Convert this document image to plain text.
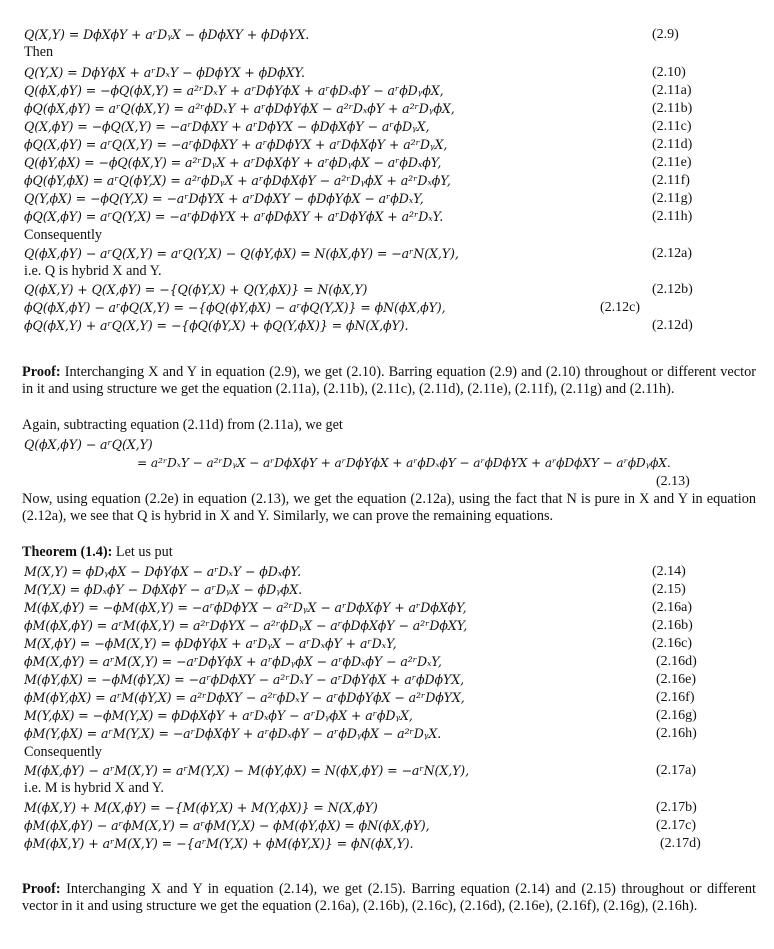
Q(X,Y) = DϕXϕY + aʳDᵧX − ϕDϕXY + ϕDϕYX.	(2.9)
Then
Q(Y,X) = DϕYϕX + aʳDₓY − ϕDϕYX + ϕDϕXY.	(2.10)
Q(ϕX,ϕY) = −ϕQ(ϕX,Y) = a²ʳDₓY + aʳDϕYϕX + aʳϕDₓϕY − aʳϕDᵧϕX,	(2.11a)
ϕQ(ϕX,ϕY) = aʳQ(ϕX,Y) = a²ʳϕDₓY + aʳϕDϕYϕX − a²ʳDₓϕY + a²ʳDᵧϕX,	(2.11b)
Q(X,ϕY) = −ϕQ(X,Y) = −aʳDϕXY + aʳDϕYX − ϕDϕXϕY − aʳϕDᵧX,	(2.11c)
ϕQ(X,ϕY) = aʳQ(X,Y) = −aʳϕDϕXY + aʳϕDϕYX + aʳDϕXϕY + a²ʳDᵧX,	(2.11d)
Q(ϕY,ϕX) = −ϕQ(ϕX,Y) = a²ʳDᵧX + aʳDϕXϕY + aʳϕDᵧϕX − aʳϕDₓϕY,	(2.11e)
ϕQ(ϕY,ϕX) = aʳQ(ϕY,X) = a²ʳϕDᵧX + aʳϕDϕXϕY − a²ʳDᵧϕX + a²ʳDₓϕY,	(2.11f)
Q(Y,ϕX) = −ϕQ(Y,X) = −aʳDϕYX + aʳDϕXY − ϕDϕYϕX − aʳϕDₓY,	(2.11g)
ϕQ(X,ϕY) = aʳQ(Y,X) = −aʳϕDϕYX + aʳϕDϕXY + aʳDϕYϕX + a²ʳDₓY.	(2.11h)
Consequently
Q(ϕX,ϕY) − aʳQ(X,Y) = aʳQ(Y,X) − Q(ϕY,ϕX) = N(ϕX,ϕY) = −aʳN(X,Y),	(2.12a)
i.e. Q is hybrid X and Y.
Q(ϕX,Y) + Q(X,ϕY) = −{Q(ϕY,X) + Q(Y,ϕX)} = N(ϕX,Y)	(2.12b)
ϕQ(ϕX,ϕY) − aʳϕQ(X,Y) = −{ϕQ(ϕY,ϕX) − aʳϕQ(Y,X)} = ϕN(ϕX,ϕY),	(2.12c)
ϕQ(ϕX,Y) + aʳQ(X,Y) = −{ϕQ(ϕY,X) + ϕQ(Y,ϕX)} = ϕN(X,ϕY).	(2.12d)
Proof: Interchanging X and Y in equation (2.9), we get (2.10). Barring equation (2.9) and (2.10) throughout or different vector in it and using structure we get the equation (2.11a), (2.11b), (2.11c), (2.11d), (2.11e), (2.11f), (2.11g) and (2.11h).
Again, subtracting equation (2.11d) from (2.11a), we get
Q(ϕX,ϕY) − aʳQ(X,Y)
= a²ʳDₓY − a²ʳDᵧX − aʳDϕXϕY + aʳDϕYϕX + aʳϕDₓϕY − aʳϕDϕYX + aʳϕDϕXY − aʳϕDᵧϕX.
(2.13)
Now, using equation (2.2e) in equation (2.13), we get the equation (2.12a), using the fact that N is pure in X and Y in equation (2.12a), we see that Q is hybrid in X and Y. Similarly, we can prove the remaining equations.
Theorem (1.4): Let us put
M(X,Y) = ϕDᵧϕX − DϕYϕX − aʳDₓY − ϕDₓϕY.	(2.14)
M(Y,X) = ϕDₓϕY − DϕXϕY − aʳDᵧX − ϕDᵧϕX.	(2.15)
M(ϕX,ϕY) = −ϕM(ϕX,Y) = −aʳϕDϕYX − a²ʳDᵧX − aʳDϕXϕY + aʳDϕXϕY,	(2.16a)
ϕM(ϕX,ϕY) = aʳM(ϕX,Y) = a²ʳDϕYX − a²ʳϕDᵧX − aʳϕDϕXϕY − a²ʳDϕXY,	(2.16b)
M(X,ϕY) = −ϕM(X,Y) = ϕDϕYϕX + aʳDᵧX − aʳDₓϕY + aʳDₓY,	(2.16c)
ϕM(X,ϕY) = aʳM(X,Y) = −aʳDϕYϕX + aʳϕDᵧϕX − aʳϕDₓϕY − a²ʳDₓY,	(2.16d)
M(ϕY,ϕX) = −ϕM(ϕY,X) = −aʳϕDϕXY − a²ʳDₓY − aʳDϕYϕX + aʳϕDϕYX,	(2.16e)
ϕM(ϕY,ϕX) = aʳM(ϕY,X) = a²ʳDϕXY − a²ʳϕDₓY − aʳϕDϕYϕX − a²ʳDϕYX,	(2.16f)
M(Y,ϕX) = −ϕM(Y,X) = ϕDϕXϕY + aʳDₓϕY − aʳDᵧϕX + aʳϕDᵧX,	(2.16g)
ϕM(Y,ϕX) = aʳM(Y,X) = −aʳDϕXϕY + aʳϕDₓϕY − aʳϕDᵧϕX − a²ʳDᵧX.	(2.16h)
Consequently
M(ϕX,ϕY) − aʳM(X,Y) = aʳM(Y,X) − M(ϕY,ϕX) = N(ϕX,ϕY) = −aʳN(X,Y),	(2.17a)
i.e. M is hybrid X and Y.
M(ϕX,Y) + M(X,ϕY) = −{M(ϕY,X) + M(Y,ϕX)} = N(X,ϕY)	(2.17b)
ϕM(ϕX,ϕY) − aʳϕM(X,Y) = aʳϕM(Y,X) − ϕM(ϕY,ϕX) = ϕN(ϕX,ϕY),	(2.17c)
ϕM(ϕX,Y) + aʳM(X,Y) = −{aʳM(Y,X) + ϕM(ϕY,X)} = ϕN(ϕX,Y).	(2.17d)
Proof: Interchanging X and Y in equation (2.14), we get (2.15). Barring equation (2.14) and (2.15) throughout or different vector in it and using structure we get the equation (2.16a), (2.16b), (2.16c), (2.16d), (2.16e), (2.16f), (2.16g), (2.16h).
